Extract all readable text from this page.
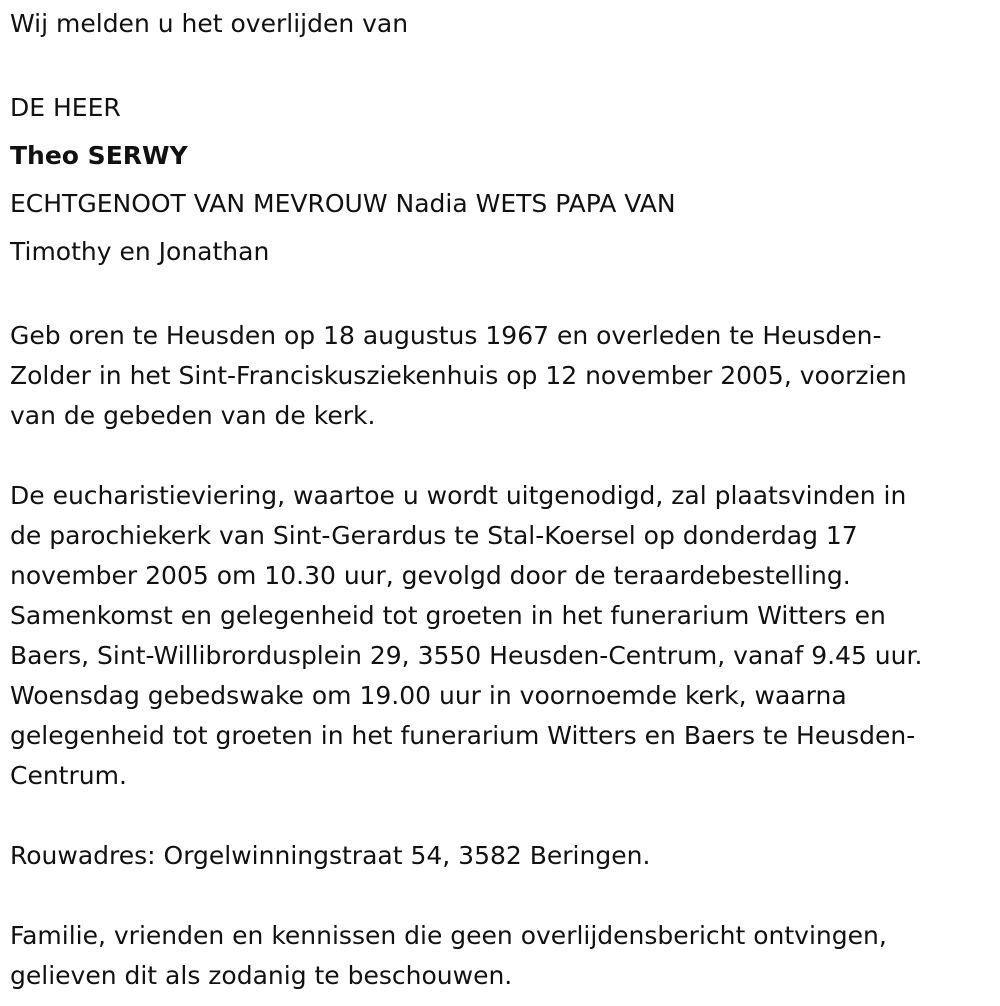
Wij melden u het overlijden van

DE HEER

Theo SERWY

ECHTGENOOT VAN MEVROUW Nadia WETS PAPA VAN

Timothy en Jonathan

Geb oren te Heusden op 18 augustus 1967 en overleden te Heusden-

Zolder in het Sint-Franciskusziekenhuis op 12 november 2005, voorzien

van de gebeden van de kerk.

De eucharistieviering, waartoe u wordt uitgenodigd, zal plaatsvinden in

de parochiekerk van Sint-Gerardus te Stal-Koersel op donderdag 17

november 2005 om 10.30 uur, gevolgd door de teraardebestelling.

Samenkomst en gelegenheid tot groeten in het funerarium Witters en

Baers, Sint-Willibrordusplein 29, 3550 Heusden-Centrum, vanaf 9.45 uur.

Woensdag gebedswake om 19.00 uur in voornoemde kerk, waarna

gelegenheid tot groeten in het funerarium Witters en Baers te Heusden-

Centrum.

Rouwadres: Orgelwinningstraat 54, 3582 Beringen.

Familie, vrienden en kennissen die geen overlijdensbericht ontvingen,

gelieven dit als zodanig te beschouwen.
